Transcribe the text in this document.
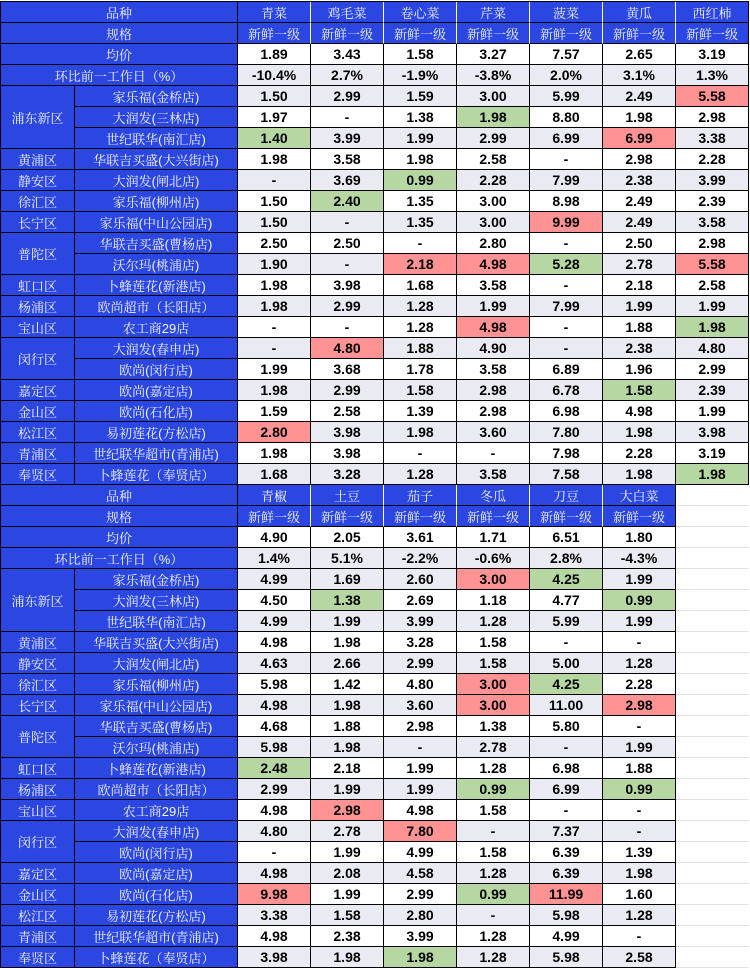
品种		青菜	鸡毛菜	卷心菜	芹菜	菠菜	黄瓜	西红柿
规格		新鲜一级	新鲜一级	新鲜一级	新鲜一级	新鲜一级	新鲜一级	新鲜一级
均价		1.89	3.43	1.58	3.27	7.57	2.65	3.19
环比前一工作日（%）		-10.4%	2.7%	-1.9%	-3.8%	2.0%	3.1%	1.3%
浦东新区	家乐福(金桥店)	1.50	2.99	1.59	3.00	5.99	2.49	5.58
	大润发(三林店)	1.97	-	1.38	1.98	8.80	1.98	2.98
	世纪联华(南汇店)	1.40	3.99	1.99	2.99	6.99	6.99	3.38
黄浦区	华联吉买盛(大兴街店)	1.98	3.58	1.98	2.58	-	2.98	2.28
静安区	大润发(闸北店)	-	3.69	0.99	2.28	7.99	2.38	3.99
徐汇区	家乐福(柳州店)	1.50	2.40	1.35	3.00	8.98	2.49	2.39
长宁区	家乐福(中山公园店)	1.50	-	1.35	3.00	9.99	2.49	3.58
普陀区	华联吉买盛(曹杨店)	2.50	2.50	-	2.80	-	2.50	2.98
	沃尔玛(桃浦店)	1.90	-	2.18	4.98	5.28	2.78	5.58
虹口区	卜蜂莲花(新港店)	1.98	3.98	1.68	3.58	-	2.18	2.58
杨浦区	欧尚超市（长阳店）	1.98	2.99	1.28	1.99	7.99	1.99	1.99
宝山区	农工商29店	-	-	1.28	4.98	-	1.88	1.98
闵行区	大润发(春申店)	-	4.80	1.88	4.90	-	2.38	4.80
	欧尚(闵行店)	1.99	3.68	1.78	3.58	6.89	1.96	2.99
嘉定区	欧尚(嘉定店)	1.98	2.99	1.58	2.98	6.78	1.58	2.39
金山区	欧尚(石化店)	1.59	2.58	1.39	2.98	6.98	4.98	1.99
松江区	易初莲花(方松店)	2.80	3.98	1.98	3.60	7.80	1.98	3.98
青浦区	世纪联华超市(青浦店)	1.98	3.98	-	-	7.98	2.28	3.19
奉贤区	卜蜂莲花（奉贤店）	1.68	3.28	1.28	3.58	7.58	1.98	1.98
品种		青椒	土豆	茄子	冬瓜	刀豆	大白菜	
规格		新鲜一级	新鲜一级	新鲜一级	新鲜一级	新鲜一级	新鲜一级	
均价		4.90	2.05	3.61	1.71	6.51	1.80	
环比前一工作日（%）		1.4%	5.1%	-2.2%	-0.6%	2.8%	-4.3%	
浦东新区	家乐福(金桥店)	4.99	1.69	2.60	3.00	4.25	1.99	
	大润发(三林店)	4.50	1.38	2.69	1.18	4.77	0.99	
	世纪联华(南汇店)	4.99	1.99	3.99	1.28	5.99	1.99	
黄浦区	华联吉买盛(大兴街店)	4.98	1.98	3.28	1.58	-	-	
静安区	大润发(闸北店)	4.63	2.66	2.99	1.58	5.00	1.28	
徐汇区	家乐福(柳州店)	5.98	1.42	4.80	3.00	4.25	2.28	
长宁区	家乐福(中山公园店)	4.98	1.98	3.60	3.00	11.00	2.98	
普陀区	华联吉买盛(曹杨店)	4.68	1.88	2.98	1.38	5.80	-	
	沃尔玛(桃浦店)	5.98	1.98	-	2.78	-	1.99	
虹口区	卜蜂莲花(新港店)	2.48	2.18	1.99	1.28	6.98	1.88	
杨浦区	欧尚超市（长阳店）	2.99	1.99	1.99	0.99	6.99	0.99	
宝山区	农工商29店	4.98	2.98	4.98	1.58	-	-	
闵行区	大润发(春申店)	4.80	2.78	7.80	-	7.37	-	
	欧尚(闵行店)	-	1.99	4.99	1.58	6.39	1.39	
嘉定区	欧尚(嘉定店)	4.98	2.08	4.58	1.28	6.39	1.98	
金山区	欧尚(石化店)	9.98	1.99	2.99	0.99	11.99	1.60	
松江区	易初莲花(方松店)	3.38	1.58	2.80	-	5.98	1.28	
青浦区	世纪联华超市(青浦店)	4.98	2.38	3.99	1.28	4.99	-	
奉贤区	卜蜂莲花（奉贤店）	3.98	1.98	1.98	1.28	5.98	2.58	
